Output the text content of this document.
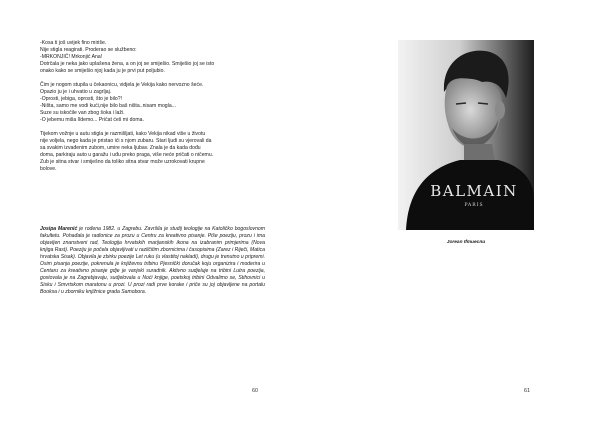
-Kosa ti još uvijek fino miriše.

Nije stigla reagirati. Proderao se službeno:

-MRKONJIĆ! Mrkonjić Ana!

Dotrčala je neka jako uplašena žena, a on joj se smiješio. Smiješio joj se isto

onako kako se smiješio njoj kada ju je prvi put poljubio.

Čim je nogom stupila u čekaonicu, vidjela je Vekija kako nervozno šeće.

Opazio ju je i uhvatio u zagrljaj.

-Oprosti, jebiga, oprosti, što je bilo?!

-Ništa, samo me vodi kući,nije bilo baš ništa..nisam mogla...

Suze su iskočile van zbog šoka i laži.

-O jebemu miša lîdemo... Pričat ćeš mi doma.

Tijekom vožnje u autu stigla je razmišljati, kako Vekija nikad više u životu

nije voljela, nego kada je pristao ići s njom zubaru. Stari ljudi su vjerovali da

sa svakim izvađenim zubom, umire neka ljubav. Znala je da kada dođu

doma, parkiraju auto u garažu i uđu preko praga, više neće pričati o ničemu.

Zub je sitna stvar i smiješno da toliko sitna stvar može uzrokovati krupne

bolove.

Josipa Marenić je rođena 1982. u Zagrebu. Završila je studij teologije na Katoličko bogoslovnom fakultetu. Pohađala je radionice za prozu u Centru za kreativno pisanje. Piše poeziju, prozu i ima objavljen znanstveni rad, Teologija hrvatskih marijanskih ikona na izabranim primjerima (Nova knjiga Rast). Poeziju je počela objavljivati u različitim zbornicima i časopisima (Zarez i Riječi, Matica hrvatska Sisak). Objavila je zbirku poezije Let ruku (u vlastitoj nakladi), drugu je trenutno u pripremi. Osim pisanja poezije, pokrenula je književnu tribinu Pjesnički doručak koju organizira i moderira u Centaru za kreativno pisanje gdje je vanjski suradnik. Aktivno sudjeluje na tribini Lutra poezija, gostovala je na Zagrebjavaju, sudjelovala u Noći knjige, poetskoj tribini Odvalimo se, Stihovnici u Sisku i Smvrtskom maratonu u prozi. U prozi radi prve korake i priče su joj objavljene na portalu Booksa i u zborniku knjižnice grada Samobora.
60
BALMAIN
PARIS
Jorean Ifmuecnu
61
